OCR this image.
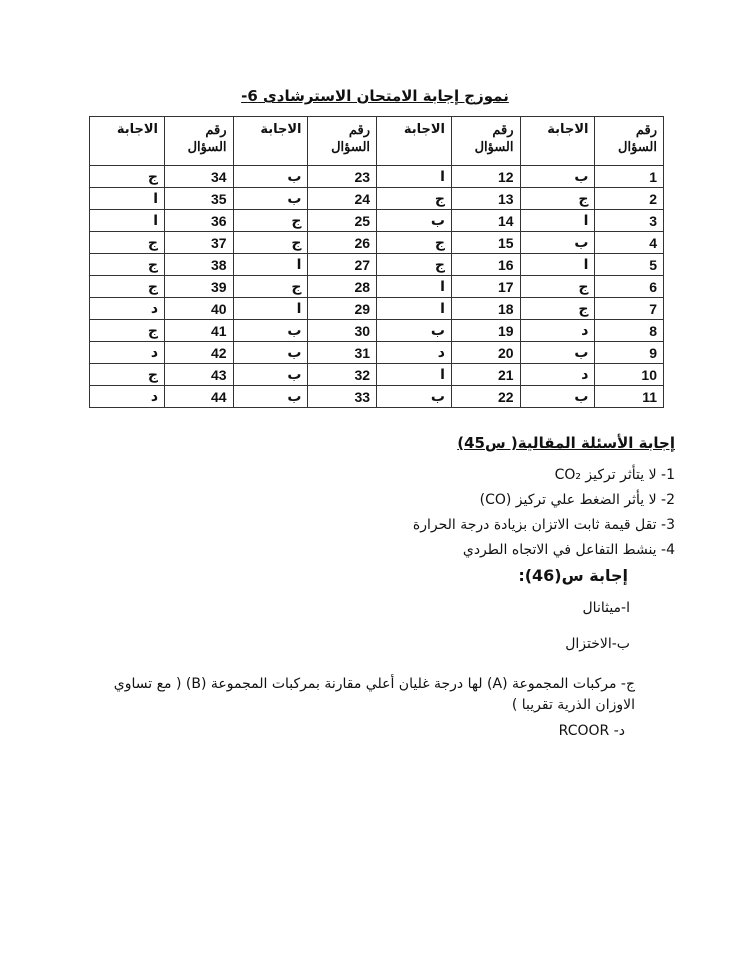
نموزج إجابة الامتحان الاسترشادى 6-
رقم السؤال	الاجابة	رقم السؤال	الاجابة	رقم السؤال	الاجابة	رقم السؤال	الاجابة
1	ب	12	ا	23	ب	34	ج
2	ج	13	ج	24	ب	35	ا
3	ا	14	ب	25	ج	36	ا
4	ب	15	ج	26	ج	37	ج
5	ا	16	ج	27	ا	38	ج
6	ج	17	ا	28	ج	39	ج
7	ج	18	ا	29	ا	40	د
8	د	19	ب	30	ب	41	ج
9	ب	20	د	31	ب	42	د
10	د	21	ا	32	ب	43	ج
11	ب	22	ب	33	ب	44	د
إجابة الأسئلة المقالية( س45)
1- لا يتأثر تركيز CO₂
2- لا يأثر الضغط علي تركيز (CO)
3- تقل قيمة ثابت الاتزان بزيادة درجة الحرارة
4- ينشط التفاعل في الاتجاه الطردي
إجابة س(46):
ا-ميثانال
ب-الاختزال
ج- مركبات المجموعة (A) لها درجة غليان أعلي مقارنة بمركبات المجموعة (B) ( مع تساوي الاوزان الذرية تقريبا )
د- RCOOR
